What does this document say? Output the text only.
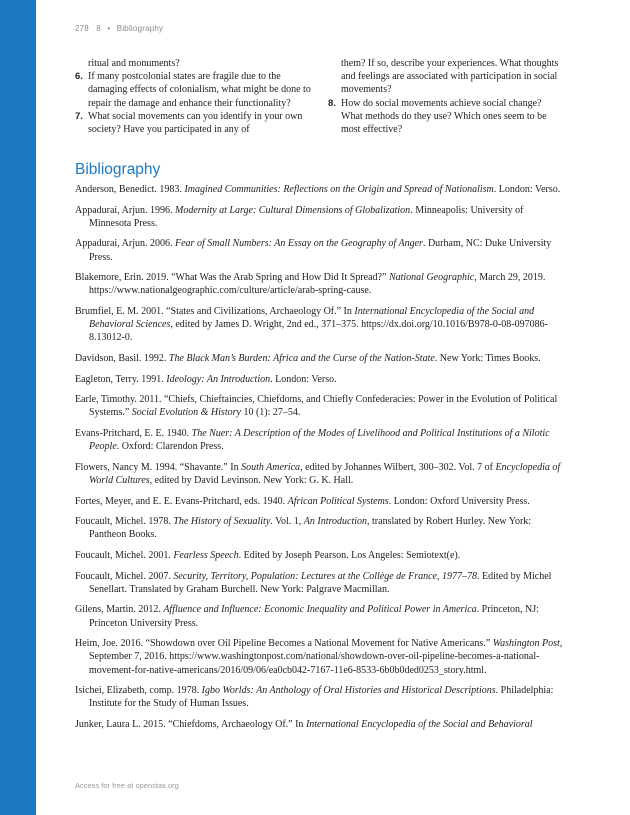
278 8 • Bibliography
ritual and monuments?
6. If many postcolonial states are fragile due to the damaging effects of colonialism, what might be done to repair the damage and enhance their functionality?
7. What social movements can you identify in your own society? Have you participated in any of
them? If so, describe your experiences. What thoughts and feelings are associated with participation in social movements?
8. How do social movements achieve social change? What methods do they use? Which ones seem to be most effective?
Bibliography

Anderson, Benedict. 1983. Imagined Communities: Reflections on the Origin and Spread of Nationalism. London: Verso.

Appadurai, Arjun. 1996. Modernity at Large: Cultural Dimensions of Globalization. Minneapolis: University of Minnesota Press.

Appadurai, Arjun. 2006. Fear of Small Numbers: An Essay on the Geography of Anger. Durham, NC: Duke University Press.

Blakemore, Erin. 2019. “What Was the Arab Spring and How Did It Spread?” National Geographic, March 29, 2019. https://www.nationalgeographic.com/culture/article/arab-spring-cause.

Brumfiel, E. M. 2001. “States and Civilizations, Archaeology Of.” In International Encyclopedia of the Social and Behavioral Sciences, edited by James D. Wright, 2nd ed., 371–375. https://dx.doi.org/10.1016/B978-0-08-097086-8.13012-0.

Davidson, Basil. 1992. The Black Man’s Burden: Africa and the Curse of the Nation-State. New York: Times Books.

Eagleton, Terry. 1991. Ideology: An Introduction. London: Verso.

Earle, Timothy. 2011. “Chiefs, Chieftaincies, Chiefdoms, and Chiefly Confederacies: Power in the Evolution of Political Systems.” Social Evolution & History 10 (1): 27–54.

Evans-Pritchard, E. E. 1940. The Nuer: A Description of the Modes of Livelihood and Political Institutions of a Nilotic People. Oxford: Clarendon Press.

Flowers, Nancy M. 1994. “Shavante.” In South America, edited by Johannes Wilbert, 300–302. Vol. 7 of Encyclopedia of World Cultures, edited by David Levinson. New York: G. K. Hall.

Fortes, Meyer, and E. E. Evans-Pritchard, eds. 1940. African Political Systems. London: Oxford University Press.

Foucault, Michel. 1978. The History of Sexuality. Vol. 1, An Introduction, translated by Robert Hurley. New York: Pantheon Books.

Foucault, Michel. 2001. Fearless Speech. Edited by Joseph Pearson. Los Angeles: Semiotext(e).

Foucault, Michel. 2007. Security, Territory, Population: Lectures at the Collège de France, 1977–78. Edited by Michel Senellart. Translated by Graham Burchell. New York: Palgrave Macmillan.

Gilens, Martin. 2012. Affluence and Influence: Economic Inequality and Political Power in America. Princeton, NJ: Princeton University Press.

Heim, Joe. 2016. “Showdown over Oil Pipeline Becomes a National Movement for Native Americans.” Washington Post, September 7, 2016. https://www.washingtonpost.com/national/showdown-over-oil-pipeline-becomes-a-national-movement-for-native-americans/2016/09/06/ea0cb042-7167-11e6-8533-6b0b0ded0253_story.html.

Isichei, Elizabeth, comp. 1978. Igbo Worlds: An Anthology of Oral Histories and Historical Descriptions. Philadelphia: Institute for the Study of Human Issues.

Junker, Laura L. 2015. “Chiefdoms, Archaeology Of.” In International Encyclopedia of the Social and Behavioral

Access for free at openstax.org
